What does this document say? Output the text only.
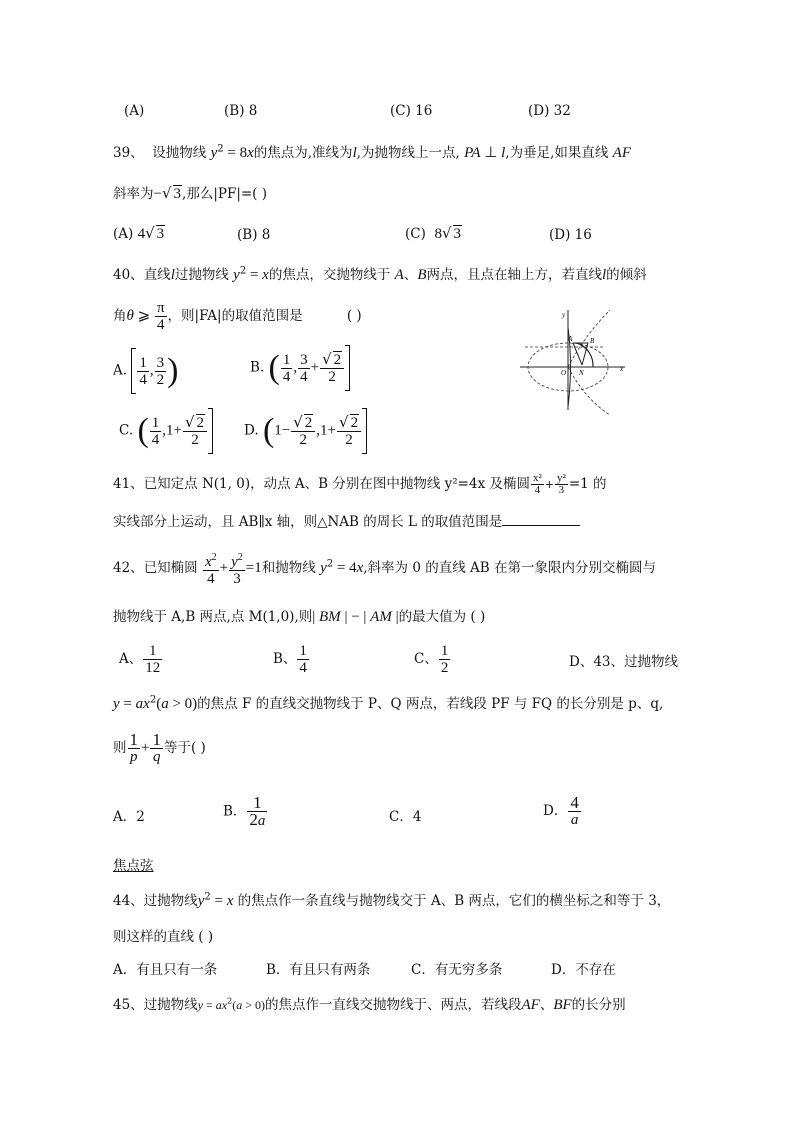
(A)	(B) 8	(C) 16	(D) 32
39、 设抛物线 $y^2 = 8x$的焦点为,准线为l,为抛物线上一点, PA ⊥ l,为垂足,如果直线 AF
斜率为−√ 3,那么|PF|=( )
(A) 4√ 3	(B) 8	(C) 8√ 3	(D) 16
40、直线l过抛物线 $y^2 = x$的焦点，交抛物线于 A、B两点，且点在轴上方，若直线l的倾斜
角θ ⩾ $\frac{\pi}{4}$ ，则|FA|的取值范围是	( )
A. $\frac{1}{4}$ , $\frac{3}{2}$ )	B. ( $\frac{1}{4}$ , $\frac{3}{4} + \frac{√ 2}{2}$
C. ( $\frac{1}{4} ,1+ \frac{√ 2}{2}$	D. ($1- \frac{√ 2}{2} ,1+ \frac{√ 2}{2}$
y
O N
B
A
x
41、已知定点 N(1, 0)，动点 A、B 分别在图中抛物线 y²=4x 及椭圆 $\frac{\text{x²}}{4} + \frac{\text{y²}}{3} =1$ 的
实线部分上运动，且 AB∥x 轴，则△NAB 的周长 L 的取值范围是
42、已知椭圆 $\frac{x^2}{4} + \frac{y^2}{3} =1$和抛物线 $y^2 = 4x$,斜率为 0 的直线 AB 在第一象限内分别交椭圆与
抛物线于 A,B 两点,点 M(1,0),则| BM | − | AM |的最大值为 ( )
A、 $\frac{1}{12}$	B、 $\frac{1}{4}$	C、 $\frac{1}{2}$	D、43、过抛物线
$y = ax^2(a > 0)$的焦点 F 的直线交抛物线于 P、Q 两点，若线段 PF 与 FQ 的长分别是 p、q,
则 $\frac{1}{p} + \frac{1}{q}$ 等于( )
A．2	B． $\frac{1}{2a}$	C．4	D． $\frac{4}{a}$
焦点弦
44、过抛物线$y^2 = x$ 的焦点作一条直线与抛物线交于 A、B 两点，它们的横坐标之和等于 3，
则这样的直线 ( )
A．有且只有一条	B．有且只有两条	C．有无穷多条	D．不存在
45、过抛物线$y = ax^2(a > 0)$的焦点作一直线交抛物线于、两点，若线段AF、BF的长分别
